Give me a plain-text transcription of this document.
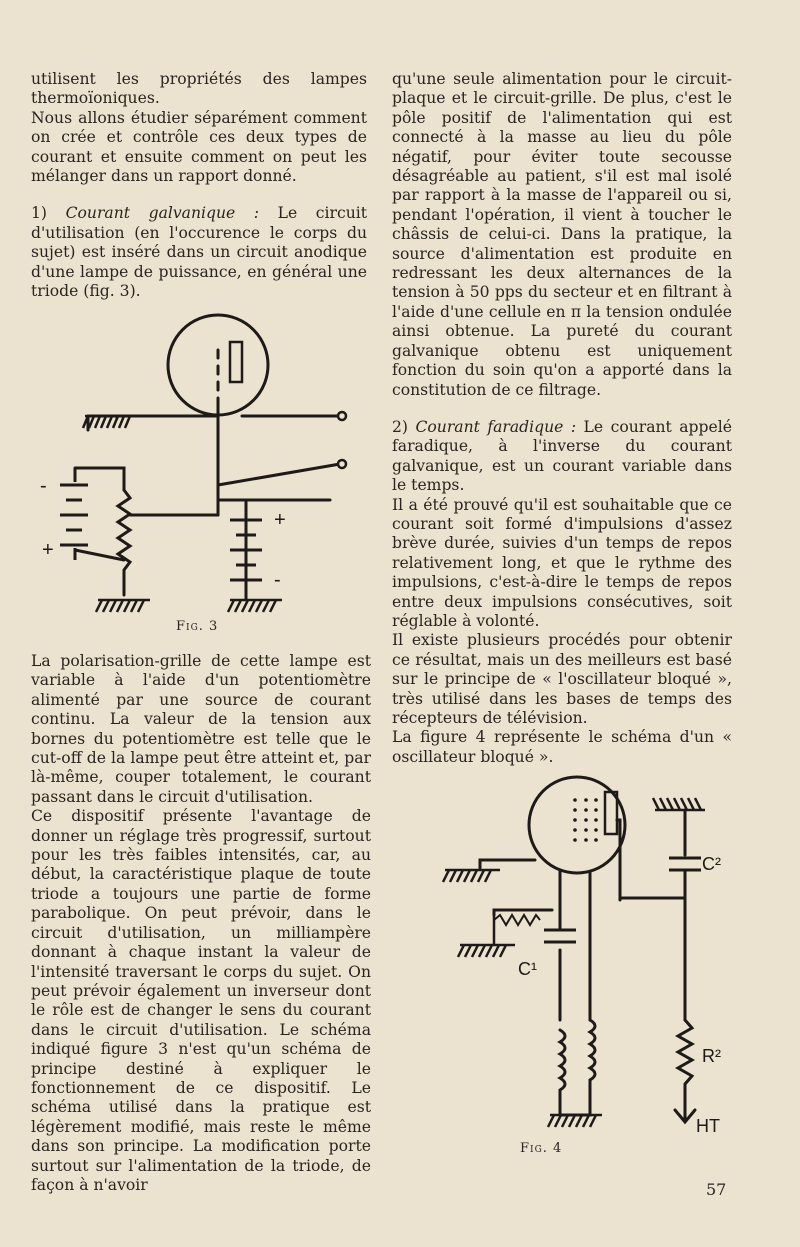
utilisent les propriétés des lampes thermoïoniques.

Nous allons étudier séparément comment on crée et contrôle ces deux types de courant et ensuite comment on peut les mélanger dans un rapport donné.

1) Courant galvanique : Le circuit d'utilisation (en l'occurence le corps du sujet) est inséré dans un circuit anodique d'une lampe de puissance, en général une triode (fig. 3).

-
+
+
-
Fig. 3

La polarisation-grille de cette lampe est variable à l'aide d'un potentiomètre alimenté par une source de courant continu. La valeur de la tension aux bornes du potentiomètre est telle que le cut-off de la lampe peut être atteint et, par là-même, couper totalement, le courant passant dans le circuit d'utilisation.

Ce dispositif présente l'avantage de donner un réglage très progressif, surtout pour les très faibles intensités, car, au début, la caractéristique plaque de toute triode a toujours une partie de forme parabolique. On peut prévoir, dans le circuit d'utilisation, un milliampère donnant à chaque instant la valeur de l'intensité traversant le corps du sujet. On peut prévoir également un inverseur dont le rôle est de changer le sens du courant dans le circuit d'utilisation. Le schéma indiqué figure 3 n'est qu'un schéma de principe destiné à expliquer le fonctionnement de ce dispositif. Le schéma utilisé dans la pratique est légèrement modifié, mais reste le même dans son principe. La modification porte surtout sur l'alimentation de la triode, de façon à n'avoir

qu'une seule alimentation pour le circuit-plaque et le circuit-grille. De plus, c'est le pôle positif de l'alimentation qui est connecté à la masse au lieu du pôle négatif, pour éviter toute secousse désagréable au patient, s'il est mal isolé par rapport à la masse de l'appareil ou si, pendant l'opération, il vient à toucher le châssis de celui-ci. Dans la pratique, la source d'alimentation est produite en redressant les deux alternances de la tension à 50 pps du secteur et en filtrant à l'aide d'une cellule en π la tension ondulée ainsi obtenue. La pureté du courant galvanique obtenu est uniquement fonction du soin qu'on a apporté dans la constitution de ce filtrage.

2) Courant faradique : Le courant appelé faradique, à l'inverse du courant galvanique, est un courant variable dans le temps.

Il a été prouvé qu'il est souhaitable que ce courant soit formé d'impulsions d'assez brève durée, suivies d'un temps de repos relativement long, et que le rythme des impulsions, c'est-à-dire le temps de repos entre deux impulsions consécutives, soit réglable à volonté.

Il existe plusieurs procédés pour obtenir ce résultat, mais un des meilleurs est basé sur le principe de « l'oscillateur bloqué », très utilisé dans les bases de temps des récepteurs de télévision.

La figure 4 représente le schéma d'un « oscillateur bloqué ».

C¹
C²
R²
HT
Fig. 4
57
